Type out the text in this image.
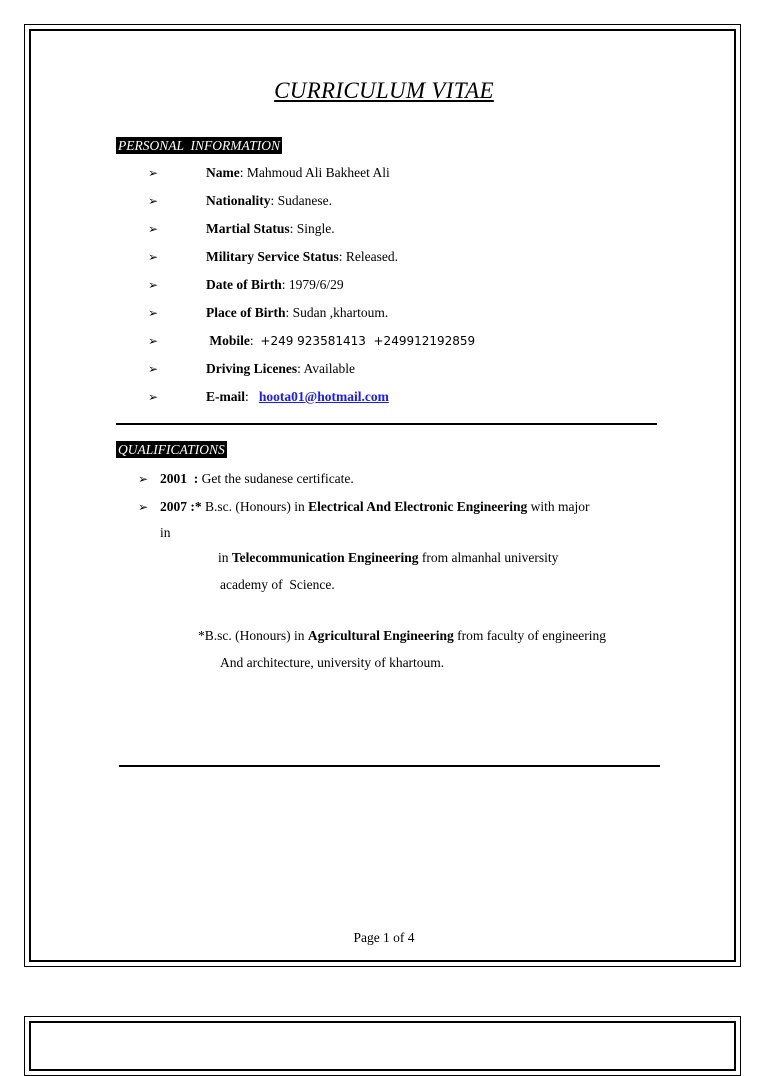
CURRICULUM VITAE
PERSONAL  INFORMATION
➢	Name: Mahmoud Ali Bakheet Ali
➢	Nationality: Sudanese.
➢	Martial Status: Single.
➢	Military Service Status: Released.
➢	Date of Birth: 1979/6/29
➢	Place of Birth: Sudan ,khartoum.
➢	Mobile:  +249 923581413  +249912192859
➢	Driving Licenes: Available
➢	E-mail:   hoota01@hotmail.com
QUALIFICATIONS
➢ 2001  : Get the sudanese certificate.
➢ 2007 :* B.sc. (Honours) in Electrical And Electronic Engineering with major
in
in Telecommunication Engineering from almanhal university
academy of  Science.
*B.sc. (Honours) in Agricultural Engineering from faculty of engineering
And architecture, university of khartoum.
Page 1 of 4
